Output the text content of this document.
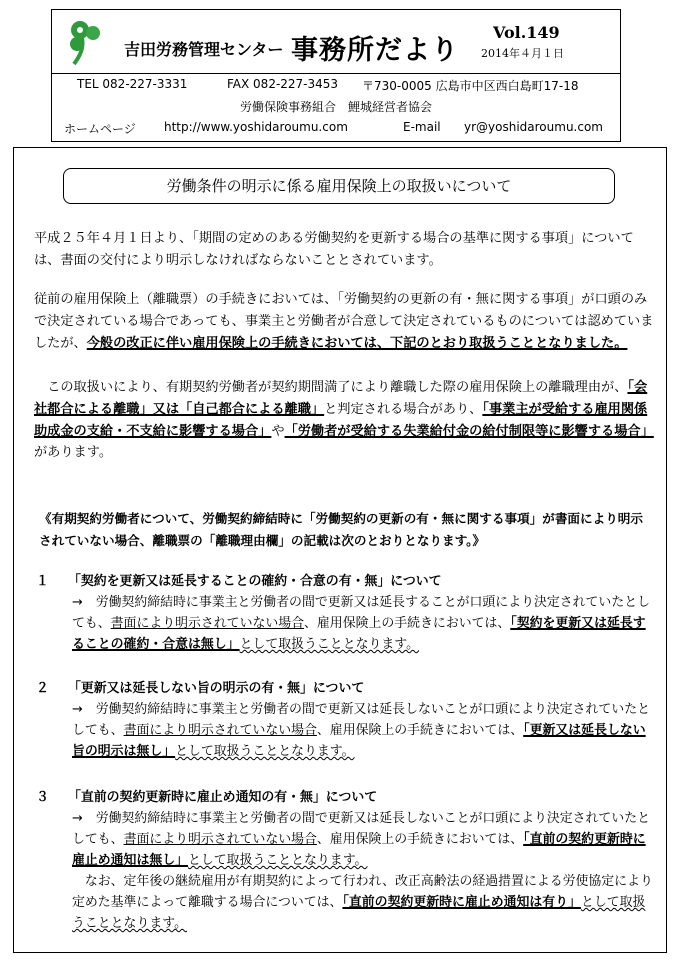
吉田労務管理センター 事務所だより
Vol.149
2014年４月１日
TEL 082-227-3331	FAX 082-227-3453 〒730-0005 広島市中区西白島町17-18
労働保険事務組合　鯉城経営者協会
ホームページ http://www.yoshidaroumu.com	E-mail yr@yoshidaroumu.com
労働条件の明示に係る雇用保険上の取扱いについて
平成２５年４月１日より、「期間の定めのある労働契約を更新する場合の基準に関する事項」については、書面の交付により明示しなければならないこととされています。
従前の雇用保険上（離職票）の手続きにおいては、「労働契約の更新の有・無に関する事項」が口頭のみで決定されている場合であっても、事業主と労働者が合意して決定されているものについては認めていましたが、今般の改正に伴い雇用保険上の手続きにおいては、下記のとおり取扱うこととなりました。
この取扱いにより、有期契約労働者が契約期間満了により離職した際の雇用保険上の離職理由が、「会社都合による離職」又は「自己都合による離職」と判定される場合があり、「事業主が受給する雇用関係助成金の支給・不支給に影響する場合」や「労働者が受給する失業給付金の給付制限等に影響する場合」があります。
《有期契約労働者について、労働契約締結時に「労働契約の更新の有・無に関する事項」が書面により明示されていない場合、離職票の「離職理由欄」の記載は次のとおりとなります。》
１ 「契約を更新又は延長することの確約・合意の有・無」について
→　労働契約締結時に事業主と労働者の間で更新又は延長することが口頭により決定されていたとしても、書面により明示されていない場合、雇用保険上の手続きにおいては、「契約を更新又は延長することの確約・合意は無し」として取扱うこととなります。
２ 「更新又は延長しない旨の明示の有・無」について
→　労働契約締結時に事業主と労働者の間で更新又は延長しないことが口頭により決定されていたとしても、書面により明示されていない場合、雇用保険上の手続きにおいては、「更新又は延長しない旨の明示は無し」として取扱うこととなります。
３ 「直前の契約更新時に雇止め通知の有・無」について
→　労働契約締結時に事業主と労働者の間で更新又は延長しないことが口頭により決定されていたとしても、書面により明示されていない場合、雇用保険上の手続きにおいては、「直前の契約更新時に雇止め通知は無し」として取扱うこととなります。
なお、定年後の継続雇用が有期契約によって行われ、改正高齢法の経過措置による労使協定により定めた基準によって離職する場合については、「直前の契約更新時に雇止め通知は有り」として取扱うこととなります。
